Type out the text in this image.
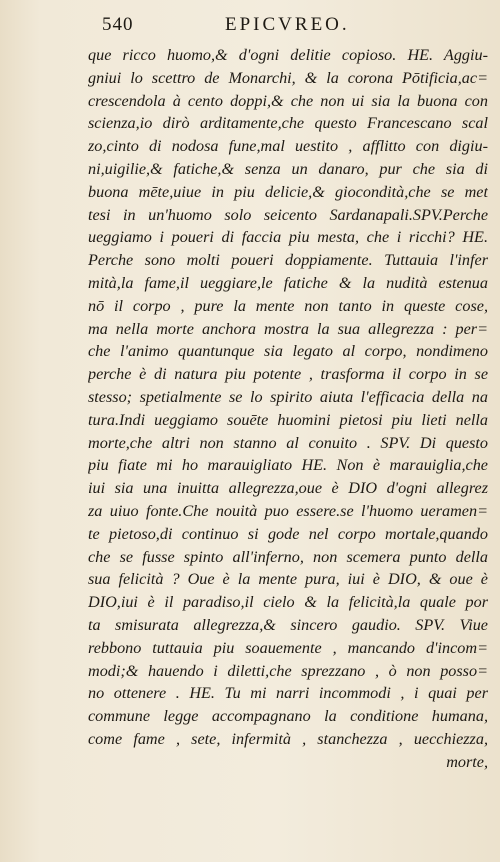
540	EPICVREO.
que ricco huomo,& d'ogni delitie copioso. HE. Aggiu-
gniui lo scettro de Monarchi, & la corona Pōtificia,ac=
crescendola à cento doppi,& che non ui sia la buona con
scienza,io dirò arditamente,che questo Francescano scal
zo,cinto di nodosa fune,mal uestito , afflitto con digiu-
ni,uigilie,& fatiche,& senza un danaro, pur che sia di
buona mēte,uiue in piu delicie,& giocondità,che se met
tesi in un'huomo solo seicento Sardanapali.SPV.Perche
ueggiamo i poueri di faccia piu mesta, che i ricchi? HE.
Perche sono molti poueri doppiamente. Tuttauia l'infer
mità,la fame,il ueggiare,le fatiche & la nudità estenua
nō il corpo , pure la mente non tanto in queste cose,
ma nella morte anchora mostra la sua allegrezza : per=
che l'animo quantunque sia legato al corpo, nondimeno
perche è di natura piu potente , trasforma il corpo in se
stesso; spetialmente se lo spirito aiuta l'efficacia della na
tura.Indi ueggiamo souēte huomini pietosi piu lieti nella
morte,che altri non stanno al conuito . SPV. Di questo
piu fiate mi ho marauigliato HE. Non è marauiglia,che
iui sia una inuitta allegrezza,oue è DIO d'ogni allegrez
za uiuo fonte.Che nouità puo essere.se l'huomo ueramen=
te pietoso,di continuo si gode nel corpo mortale,quando
che se fusse spinto all'inferno, non scemera punto della
sua felicità ? Oue è la mente pura, iui è DIO, & oue è
DIO,iui è il paradiso,il cielo & la felicità,la quale por
ta smisurata allegrezza,& sincero gaudio. SPV. Viue
rebbono tuttauia piu soauemente , mancando d'incom=
modi;& hauendo i diletti,che sprezzano , ò non posso=
no ottenere . HE. Tu mi narri incommodi , i quai per
commune legge accompagnano la conditione humana,
come fame , sete, infermità , stanchezza , uecchiezza,
morte,
